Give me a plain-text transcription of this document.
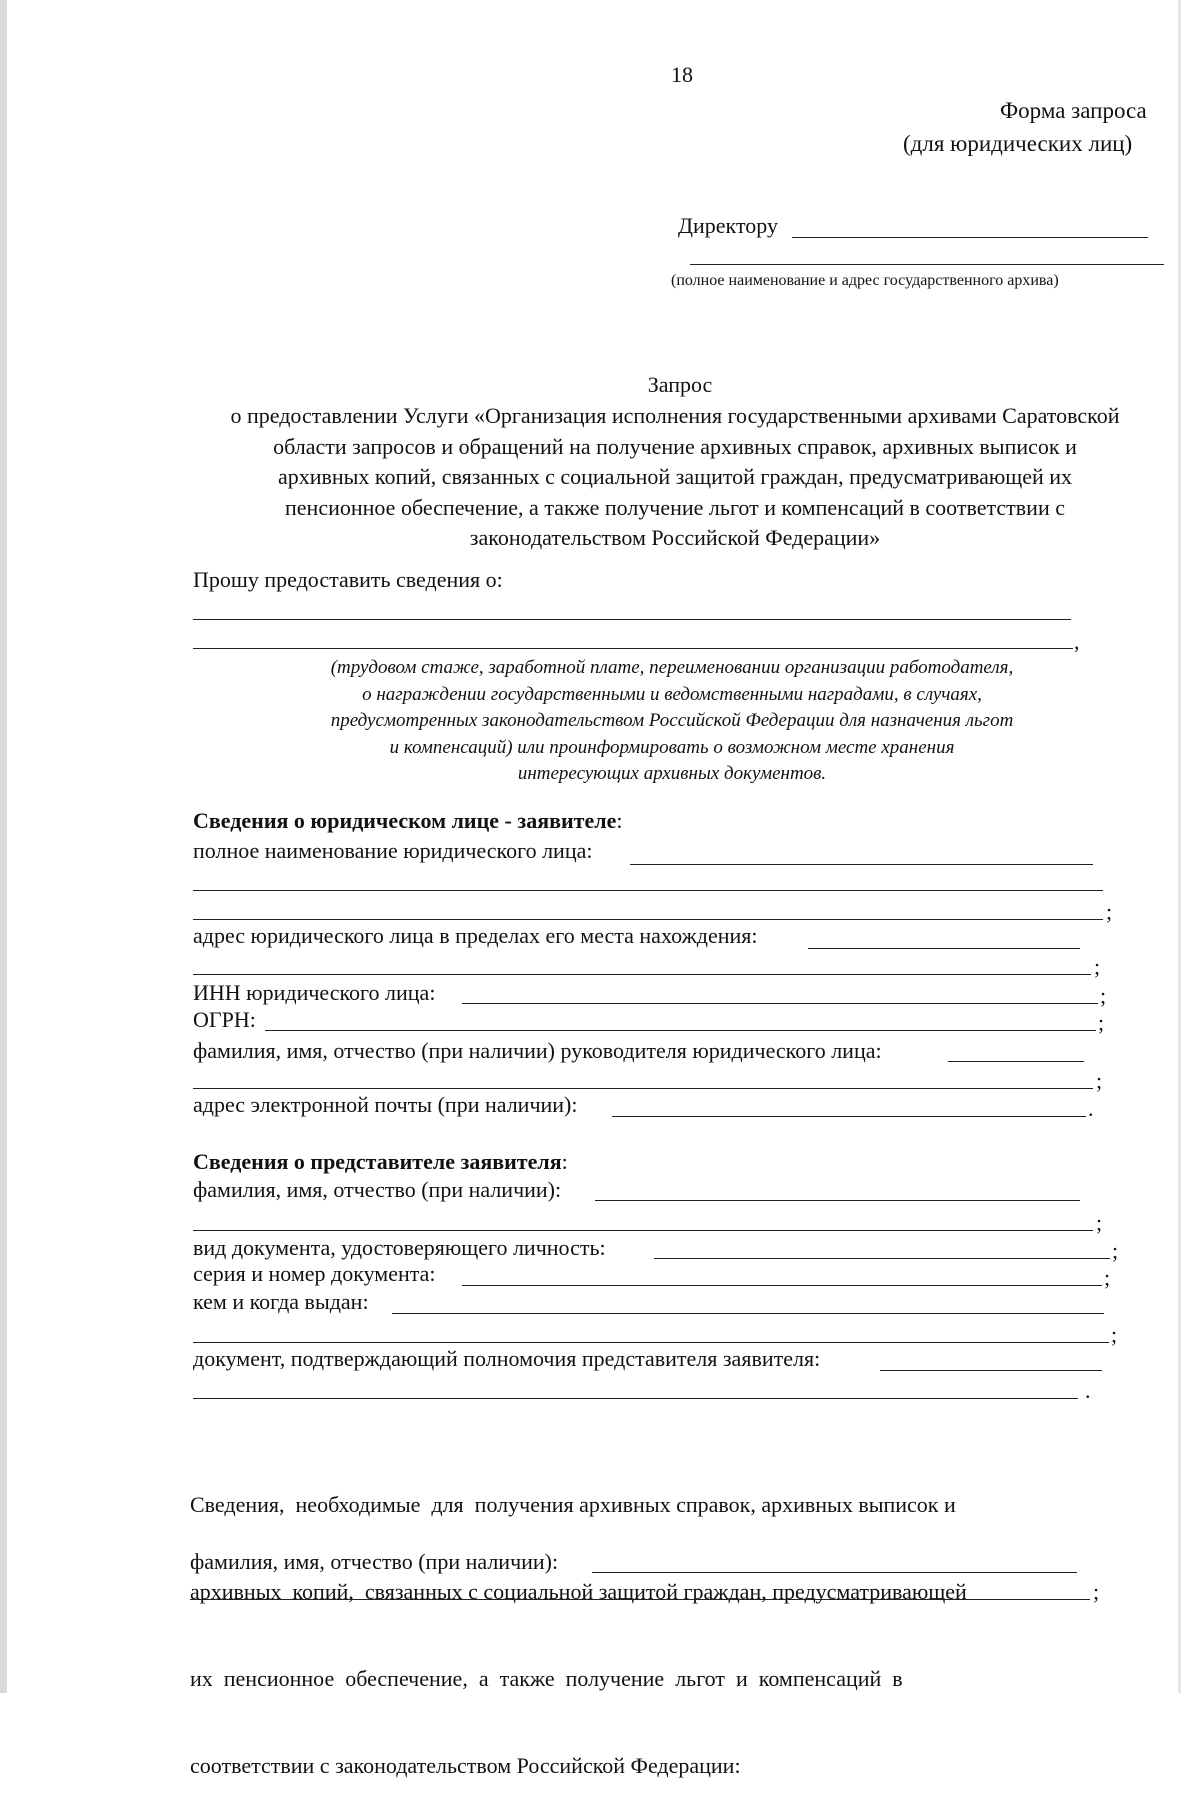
18
Форма запроса
(для юридических лиц)
Директору
(полное наименование и адрес государственного архива)
Запрос
о предоставлении Услуги «Организация исполнения государственными архивами Саратовской
области запросов и обращений на получение архивных справок, архивных выписок и
архивных копий, связанных с социальной защитой граждан, предусматривающей их
пенсионное обеспечение, а также получение льгот и компенсаций в соответствии с
законодательством Российской Федерации»
Прошу предоставить сведения о:
,
(трудовом стаже, заработной плате, переименовании организации работодателя,
о награждении государственными и ведомственными наградами, в случаях,
предусмотренных законодательством Российской Федерации для назначения льгот
и компенсаций) или проинформировать о возможном месте хранения
интересующих архивных документов.
Сведения о юридическом лице - заявителе:
полное наименование юридического лица:
;
адрес юридического лица в пределах его места нахождения:
;
ИНН юридического лица:	;
ОГРН:	;
фамилия, имя, отчество (при наличии) руководителя юридического лица:
;
адрес электронной почты (при наличии):	.
Сведения о представителе заявителя:
фамилия, имя, отчество (при наличии):
;
вид документа, удостоверяющего личность:	;
серия и номер документа:	;
кем и когда выдан:
;
документ, подтверждающий полномочия представителя заявителя:
.

Сведения,  необходимые  для  получения архивных справок, архивных выписок и

архивных  копий,  связанных с социальной защитой граждан, предусматривающей

их  пенсионное  обеспечение,  а  также  получение  льгот  и  компенсаций  в

соответствии с законодательством Российской Федерации:

фамилия, имя, отчество (при наличии):
;
